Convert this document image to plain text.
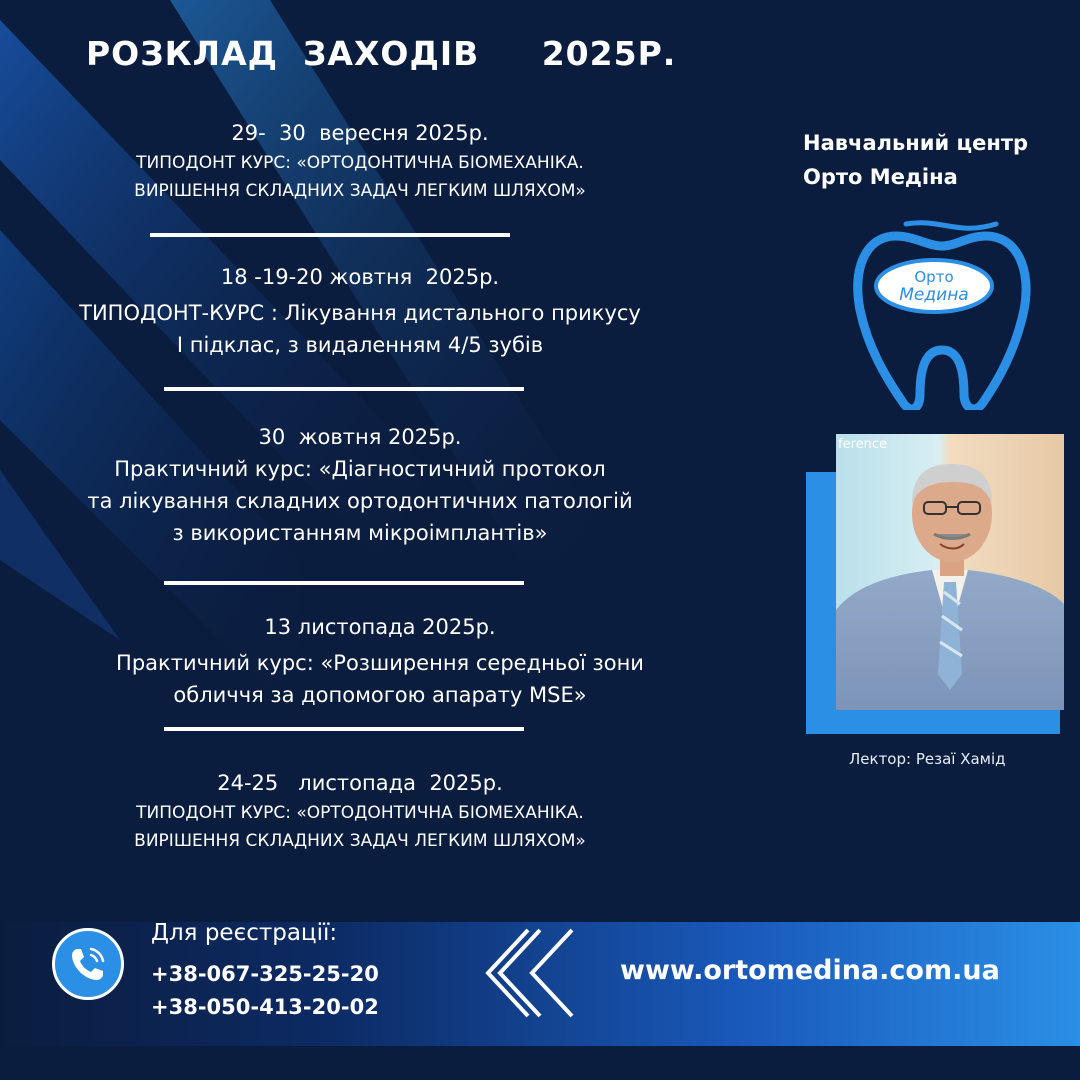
РОЗКЛАД  ЗАХОДІВ     2025Р.
29-  30  вересня 2025р.
ТИПОДОНТ КУРС: «ОРТОДОНТИЧНА БІОМЕХАНІКА.
ВИРІШЕННЯ СКЛАДНИХ ЗАДАЧ ЛЕГКИМ ШЛЯХОМ»
18 -19-20 жовтня  2025р.
ТИПОДОНТ-КУРС : Лікування дистального прикусу
І підклас, з видаленням 4/5 зубів
30  жовтня 2025р.
Практичний курс: «Діагностичний протокол
та лікування складних ортодонтичних патологій
з використанням мікроімплантів»
13 листопада 2025р.
Практичний курс: «Розширення середньої зони
обличчя за допомогою апарату MSE»
24-25   листопада  2025р.
ТИПОДОНТ КУРС: «ОРТОДОНТИЧНА БІОМЕХАНІКА.
ВИРІШЕННЯ СКЛАДНИХ ЗАДАЧ ЛЕГКИМ ШЛЯХОМ»
Навчальний центр
Орто Медіна
Орто
Медина
ference
Лектор: Резаї Хамід
Для реєстрації:
+38-067-325-25-20
+38-050-413-20-02
www.ortomedina.com.ua
